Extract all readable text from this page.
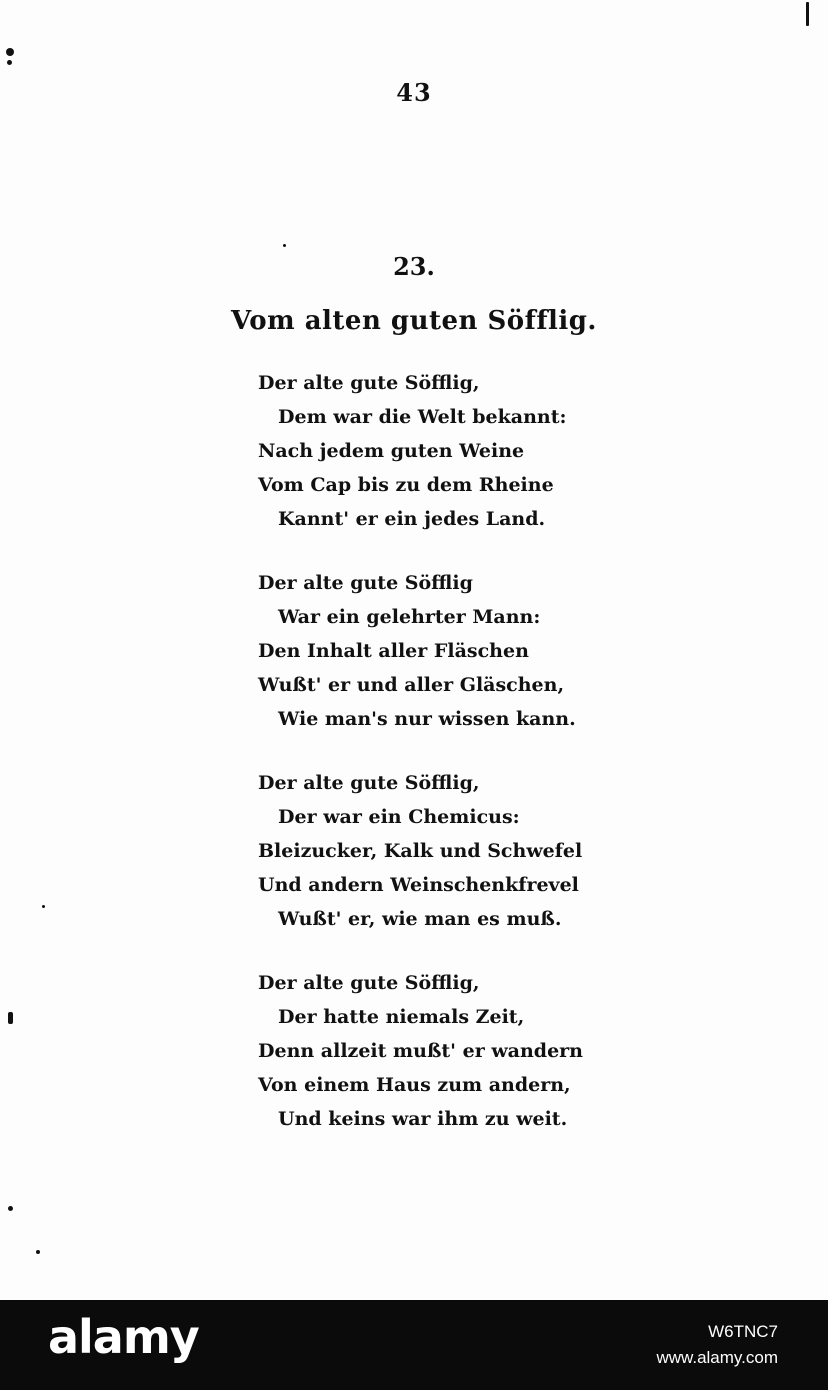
43
23.
Vom alten guten Söfflig.
Der alte gute Söfflig,
Dem war die Welt bekannt:
Nach jedem guten Weine
Vom Cap bis zu dem Rheine
Kannt' er ein jedes Land.
Der alte gute Söfflig
War ein gelehrter Mann:
Den Inhalt aller Fläschen
Wußt' er und aller Gläschen,
Wie man's nur wissen kann.
Der alte gute Söfflig,
Der war ein Chemicus:
Bleizucker, Kalk und Schwefel
Und andern Weinschenkfrevel
Wußt' er, wie man es muß.
Der alte gute Söfflig,
Der hatte niemals Zeit,
Denn allzeit mußt' er wandern
Von einem Haus zum andern,
Und keins war ihm zu weit.
alamy	W6TNC7
www.alamy.com
